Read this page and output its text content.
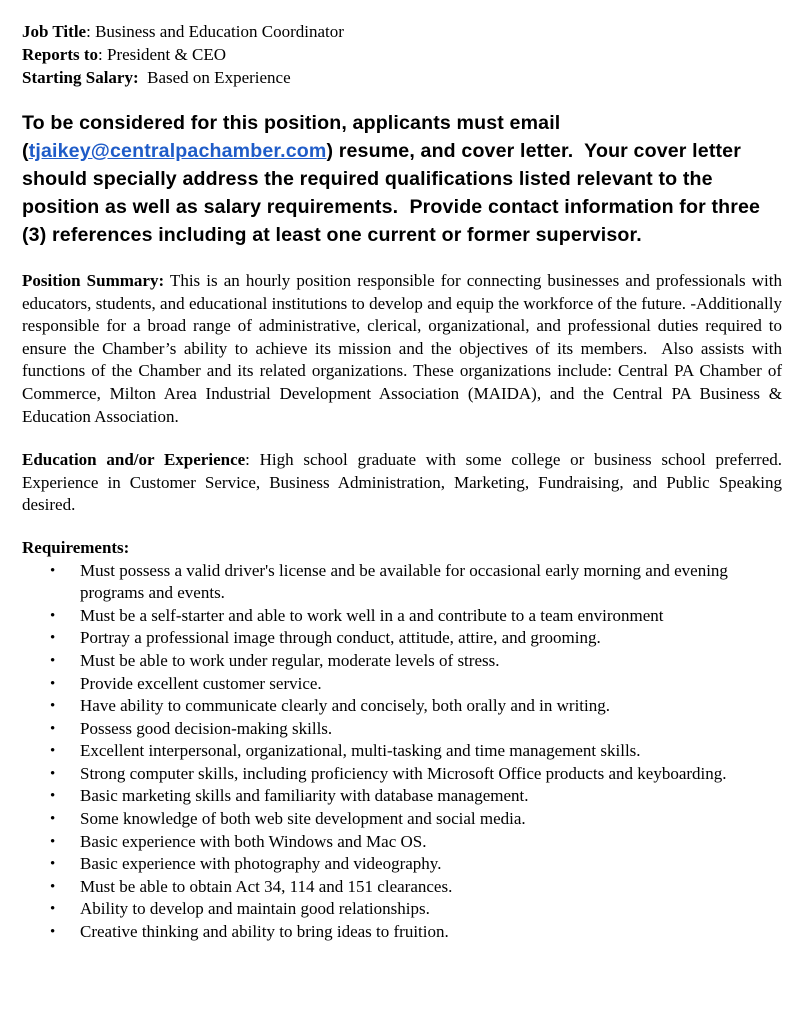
Job Title: Business and Education Coordinator

Reports to: President & CEO

Starting Salary:  Based on Experience

To be considered for this position, applicants must email (tjaikey@centralpachamber.com) resume, and cover letter.  Your cover letter should specially address the required qualifications listed relevant to the position as well as salary requirements.  Provide contact information for three (3) references including at least one current or former supervisor.

Position Summary: This is an hourly position responsible for connecting businesses and professionals with educators, students, and educational institutions to develop and equip the workforce of the future. -Additionally responsible for a broad range of administrative, clerical, organizational, and professional duties required to ensure the Chamber’s ability to achieve its mission and the objectives of its members.  Also assists with functions of the Chamber and its related organizations. These organizations include: Central PA Chamber of Commerce, Milton Area Industrial Development Association (MAIDA), and the Central PA Business & Education Association.

Education and/or Experience: High school graduate with some college or business school preferred. Experience in Customer Service, Business Administration, Marketing, Fundraising, and Public Speaking desired.

Requirements:
• Must possess a valid driver's license and be available for occasional early morning and evening programs and events.
• Must be a self-starter and able to work well in a and contribute to a team environment
• Portray a professional image through conduct, attitude, attire, and grooming.
• Must be able to work under regular, moderate levels of stress.
• Provide excellent customer service.
• Have ability to communicate clearly and concisely, both orally and in writing.
• Possess good decision-making skills.
• Excellent interpersonal, organizational, multi-tasking and time management skills.
• Strong computer skills, including proficiency with Microsoft Office products and keyboarding.
• Basic marketing skills and familiarity with database management.
• Some knowledge of both web site development and social media.
• Basic experience with both Windows and Mac OS.
• Basic experience with photography and videography.
• Must be able to obtain Act 34, 114 and 151 clearances.
• Ability to develop and maintain good relationships.
• Creative thinking and ability to bring ideas to fruition.
